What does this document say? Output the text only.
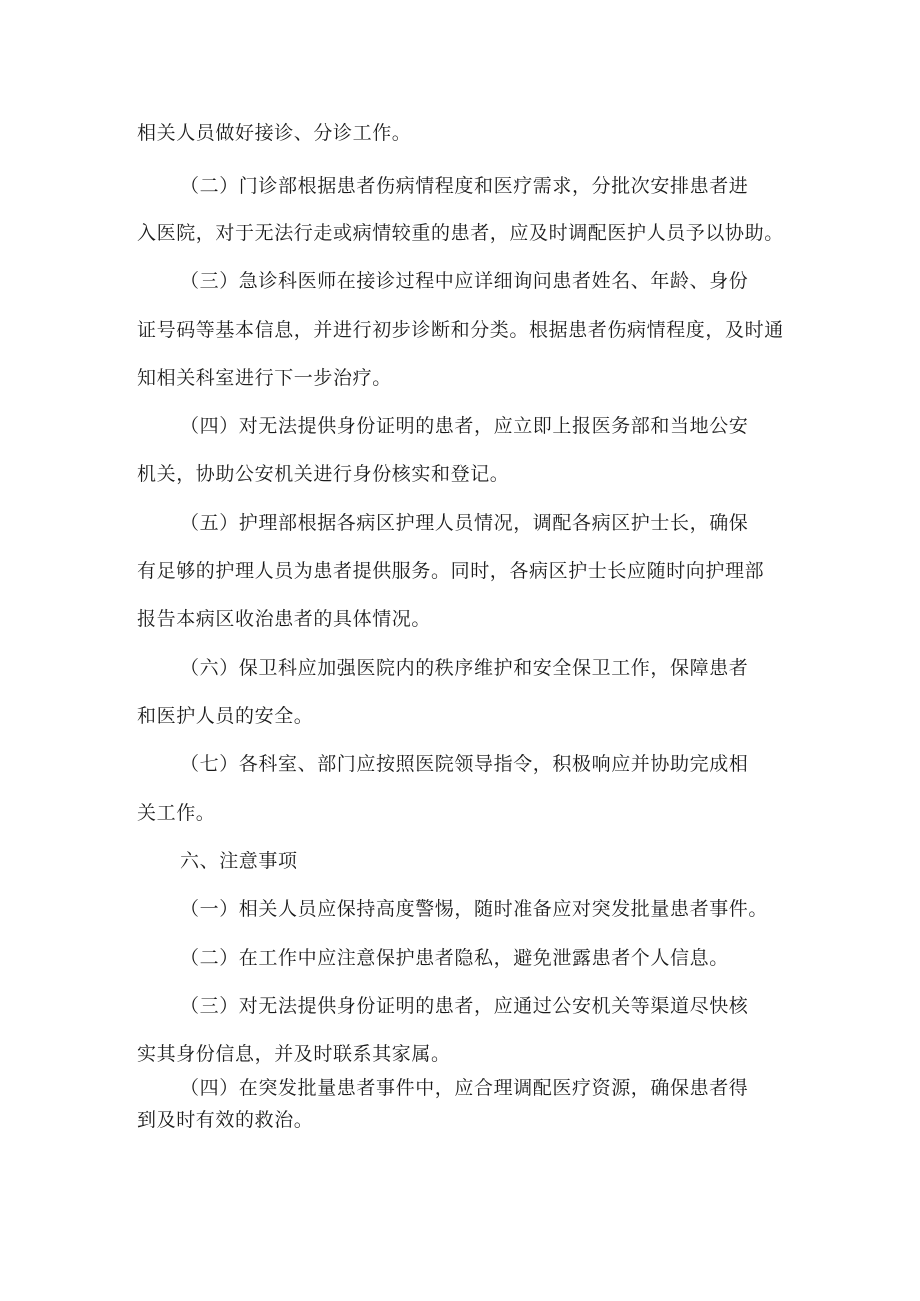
相关人员做好接诊、分诊工作。
（二）门诊部根据患者伤病情程度和医疗需求，分批次安排患者进
入医院，对于无法行走或病情较重的患者，应及时调配医护人员予以协助。
（三）急诊科医师在接诊过程中应详细询问患者姓名、年龄、身份
证号码等基本信息，并进行初步诊断和分类。根据患者伤病情程度，及时通
知相关科室进行下一步治疗。
（四）对无法提供身份证明的患者，应立即上报医务部和当地公安
机关，协助公安机关进行身份核实和登记。
（五）护理部根据各病区护理人员情况，调配各病区护士长，确保
有足够的护理人员为患者提供服务。同时，各病区护士长应随时向护理部
报告本病区收治患者的具体情况。
（六）保卫科应加强医院内的秩序维护和安全保卫工作，保障患者
和医护人员的安全。
（七）各科室、部门应按照医院领导指令，积极响应并协助完成相
关工作。
六、注意事项
（一）相关人员应保持高度警惕，随时准备应对突发批量患者事件。
（二）在工作中应注意保护患者隐私，避免泄露患者个人信息。
（三）对无法提供身份证明的患者，应通过公安机关等渠道尽快核
实其身份信息，并及时联系其家属。
（四）在突发批量患者事件中，应合理调配医疗资源，确保患者得
到及时有效的救治。
